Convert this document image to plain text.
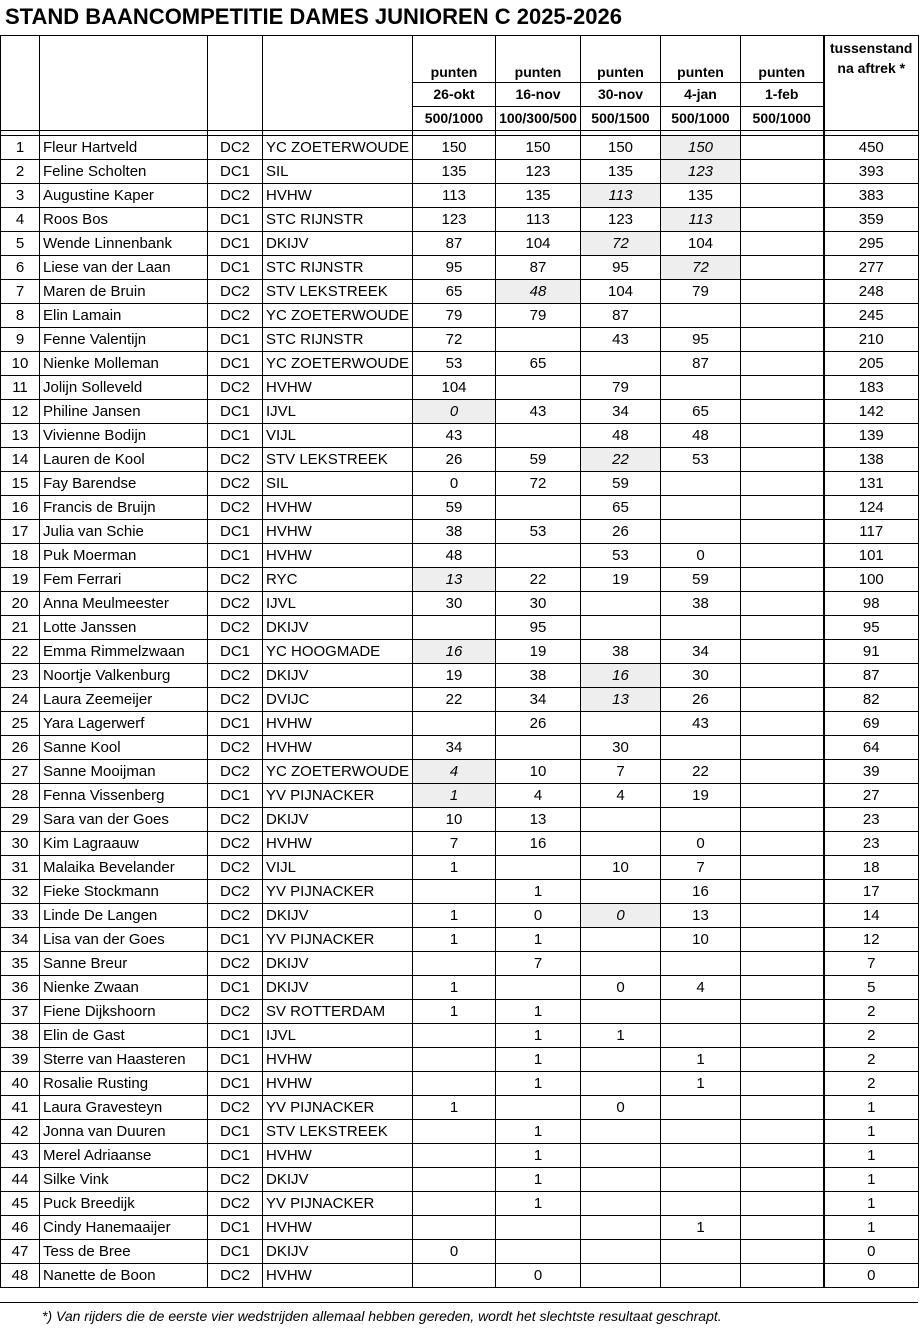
STAND BAANCOMPETITIE DAMES JUNIOREN C 2025-2026
				punten	punten	punten	punten	punten	tussenstand
na aftrek *

				26-okt	16-nov	30-nov	4-jan	1-feb	
				500/1000	100/300/500	500/1500	500/1000	500/1000	

1	Fleur Hartveld	DC2	YC ZOETERWOUDE	150	150	150	150		450
2	Feline Scholten	DC1	SIL	135	123	135	123		393
3	Augustine Kaper	DC2	HVHW	113	135	113	135		383
4	Roos Bos	DC1	STC RIJNSTR	123	113	123	113		359
5	Wende Linnenbank	DC1	DKIJV	87	104	72	104		295
6	Liese van der Laan	DC1	STC RIJNSTR	95	87	95	72		277
7	Maren de Bruin	DC2	STV LEKSTREEK	65	48	104	79		248
8	Elin Lamain	DC2	YC ZOETERWOUDE	79	79	87			245
9	Fenne Valentijn	DC1	STC RIJNSTR	72		43	95		210
10	Nienke Molleman	DC1	YC ZOETERWOUDE	53	65		87		205
11	Jolijn Solleveld	DC2	HVHW	104		79			183
12	Philine Jansen	DC1	IJVL	0	43	34	65		142
13	Vivienne Bodijn	DC1	VIJL	43		48	48		139
14	Lauren de Kool	DC2	STV LEKSTREEK	26	59	22	53		138
15	Fay Barendse	DC2	SIL	0	72	59			131
16	Francis de Bruijn	DC2	HVHW	59		65			124
17	Julia van Schie	DC1	HVHW	38	53	26			117
18	Puk Moerman	DC1	HVHW	48		53	0		101
19	Fem Ferrari	DC2	RYC	13	22	19	59		100
20	Anna Meulmeester	DC2	IJVL	30	30		38		98
21	Lotte Janssen	DC2	DKIJV		95				95
22	Emma Rimmelzwaan	DC1	YC HOOGMADE	16	19	38	34		91
23	Noortje Valkenburg	DC2	DKIJV	19	38	16	30		87
24	Laura Zeemeijer	DC2	DVIJC	22	34	13	26		82
25	Yara Lagerwerf	DC1	HVHW		26		43		69
26	Sanne Kool	DC2	HVHW	34		30			64
27	Sanne Mooijman	DC2	YC ZOETERWOUDE	4	10	7	22		39
28	Fenna Vissenberg	DC1	YV PIJNACKER	1	4	4	19		27
29	Sara van der Goes	DC2	DKIJV	10	13				23
30	Kim Lagraauw	DC2	HVHW	7	16		0		23
31	Malaika Bevelander	DC2	VIJL	1		10	7		18
32	Fieke Stockmann	DC2	YV PIJNACKER		1		16		17
33	Linde De Langen	DC2	DKIJV	1	0	0	13		14
34	Lisa van der Goes	DC1	YV PIJNACKER	1	1		10		12
35	Sanne Breur	DC2	DKIJV		7				7
36	Nienke Zwaan	DC1	DKIJV	1		0	4		5
37	Fiene Dijkshoorn	DC2	SV ROTTERDAM	1	1				2
38	Elin de Gast	DC1	IJVL		1	1			2
39	Sterre van Haasteren	DC1	HVHW		1		1		2
40	Rosalie Rusting	DC1	HVHW		1		1		2
41	Laura Gravesteyn	DC2	YV PIJNACKER	1		0			1
42	Jonna van Duuren	DC1	STV LEKSTREEK		1				1
43	Merel Adriaanse	DC1	HVHW		1				1
44	Silke Vink	DC2	DKIJV		1				1
45	Puck Breedijk	DC2	YV PIJNACKER		1				1
46	Cindy Hanemaaijer	DC1	HVHW				1		1
47	Tess de Bree	DC1	DKIJV	0					0
48	Nanette de Boon	DC2	HVHW		0				0
*) Van rijders die de eerste vier wedstrijden allemaal hebben gereden, wordt het slechtste resultaat geschrapt.
